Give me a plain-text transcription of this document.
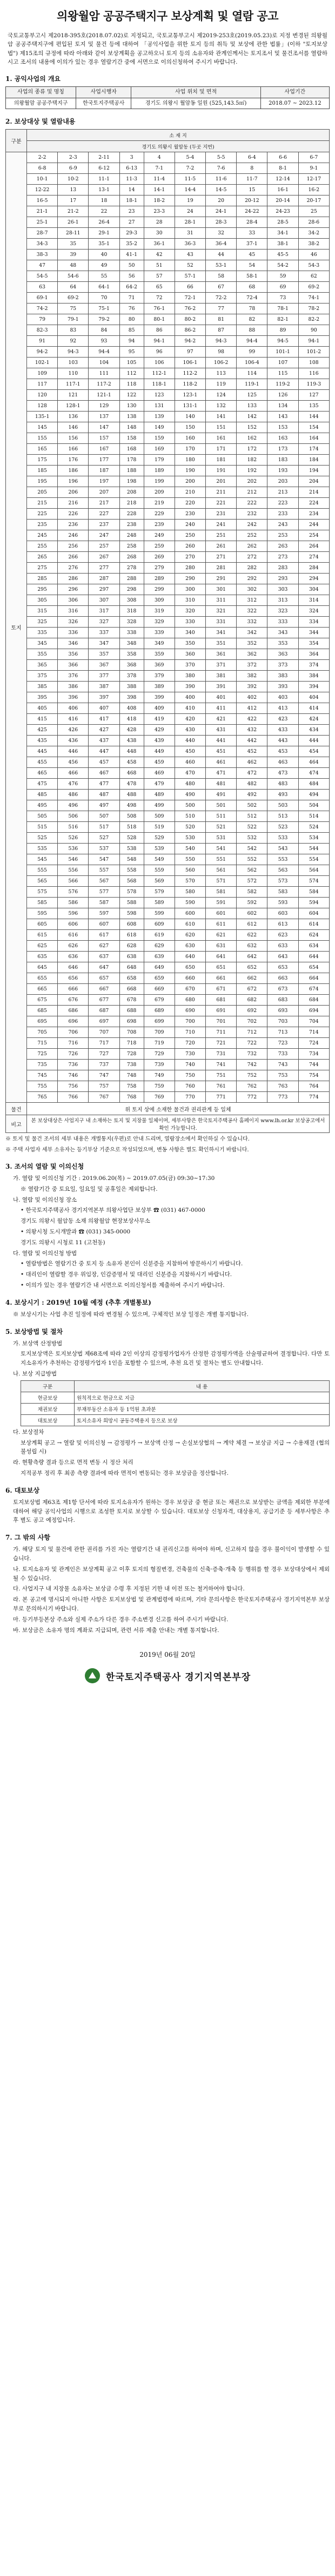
의왕월암 공공주택지구 보상계획 및 열람 공고

국토교통부고시 제2018-395호(2018.07.02)로 지정되고, 국토교통부고시 제2019-253호(2019.05.23)로 지정 변경된 의왕월암 공공주택지구에 편입된 토지 및 물건 등에 대하여 「공익사업을 위한 토지 등의 취득 및 보상에 관한 법률」(이하 "토지보상법") 제15조의 규정에 따라 아래와 같이 보상계획을 공고하오니 토지 등의 소유자와 관계인께서는 토지조서 및 물건조서를 열람하시고 조서의 내용에 이의가 있는 경우 열람기간 중에 서면으로 이의신청하여 주시기 바랍니다.

1. 공익사업의 개요
사업의 종류 및 명칭	사업시행자	사업 위치 및 면적	사업기간
의왕월암 공공주택지구	한국토지주택공사	경기도 의왕시 월암동 일원 (525,143.5㎡)	2018.07 ~ 2023.12
2. 보상대상 및 열람내용
구분	소 재 지									
	경기도 의왕시 월암동 (두곳 지번)									
토지	2-2	2-3	2-11	3	4	5-4	5-5	6-4	6-6	6-7
	6-8	6-9	6-12	6-13	7-1	7-2	7-6	8	8-1	9-1
	10-1	10-2	11-1	11-3	11-4	11-5	11-6	11-7	12-14	12-17
	12-22	13	13-1	14	14-1	14-4	14-5	15	16-1	16-2
	16-5	17	18	18-1	18-2	19	20	20-12	20-14	20-17
	21-1	21-2	22	23	23-3	24	24-1	24-22	24-23	25
	25-1	26-1	26-4	27	28	28-1	28-3	28-4	28-5	28-6
	28-7	28-11	29-1	29-3	30	31	32	33	34-1	34-2
	34-3	35	35-1	35-2	36-1	36-3	36-4	37-1	38-1	38-2
	38-3	39	40	41-1	42	43	44	45	45-5	46
	47	48	49	50	51	52	53-1	54	54-2	54-3
	54-5	54-6	55	56	57	57-1	58	58-1	59	62
	63	64	64-1	64-2	65	66	67	68	69	69-2
	69-1	69-2	70	71	72	72-1	72-2	72-4	73	74-1
	74-2	75	75-1	76	76-1	76-2	77	78	78-1	78-2
	79	79-1	79-2	80	80-1	80-2	81	82	82-1	82-2
	82-3	83	84	85	86	86-2	87	88	89	90
	91	92	93	94	94-1	94-2	94-3	94-4	94-5	94-1
	94-2	94-3	94-4	95	96	97	98	99	101-1	101-2
	102-1	103	104	105	106	106-1	106-2	106-4	107	108
	109	110	111	112	112-1	112-2	113	114	115	116
	117	117-1	117-2	118	118-1	118-2	119	119-1	119-2	119-3
	120	121	121-1	122	123	123-1	124	125	126	127
	128	128-1	129	130	131	131-1	132	133	134	135
	135-1	136	137	138	139	140	141	142	143	144
	145	146	147	148	149	150	151	152	153	154
	155	156	157	158	159	160	161	162	163	164
	165	166	167	168	169	170	171	172	173	174
	175	176	177	178	179	180	181	182	183	184
	185	186	187	188	189	190	191	192	193	194
	195	196	197	198	199	200	201	202	203	204
	205	206	207	208	209	210	211	212	213	214
	215	216	217	218	219	220	221	222	223	224
	225	226	227	228	229	230	231	232	233	234
	235	236	237	238	239	240	241	242	243	244
	245	246	247	248	249	250	251	252	253	254
	255	256	257	258	259	260	261	262	263	264
	265	266	267	268	269	270	271	272	273	274
	275	276	277	278	279	280	281	282	283	284
	285	286	287	288	289	290	291	292	293	294
	295	296	297	298	299	300	301	302	303	304
	305	306	307	308	309	310	311	312	313	314
	315	316	317	318	319	320	321	322	323	324
	325	326	327	328	329	330	331	332	333	334
	335	336	337	338	339	340	341	342	343	344
	345	346	347	348	349	350	351	352	353	354
	355	356	357	358	359	360	361	362	363	364
	365	366	367	368	369	370	371	372	373	374
	375	376	377	378	379	380	381	382	383	384
	385	386	387	388	389	390	391	392	393	394
	395	396	397	398	399	400	401	402	403	404
	405	406	407	408	409	410	411	412	413	414
	415	416	417	418	419	420	421	422	423	424
	425	426	427	428	429	430	431	432	433	434
	435	436	437	438	439	440	441	442	443	444
	445	446	447	448	449	450	451	452	453	454
	455	456	457	458	459	460	461	462	463	464
	465	466	467	468	469	470	471	472	473	474
	475	476	477	478	479	480	481	482	483	484
	485	486	487	488	489	490	491	492	493	494
	495	496	497	498	499	500	501	502	503	504
	505	506	507	508	509	510	511	512	513	514
	515	516	517	518	519	520	521	522	523	524
	525	526	527	528	529	530	531	532	533	534
	535	536	537	538	539	540	541	542	543	544
	545	546	547	548	549	550	551	552	553	554
	555	556	557	558	559	560	561	562	563	564
	565	566	567	568	569	570	571	572	573	574
	575	576	577	578	579	580	581	582	583	584
	585	586	587	588	589	590	591	592	593	594
	595	596	597	598	599	600	601	602	603	604
	605	606	607	608	609	610	611	612	613	614
	615	616	617	618	619	620	621	622	623	624
	625	626	627	628	629	630	631	632	633	634
	635	636	637	638	639	640	641	642	643	644
	645	646	647	648	649	650	651	652	653	654
	655	656	657	658	659	660	661	662	663	664
	665	666	667	668	669	670	671	672	673	674
	675	676	677	678	679	680	681	682	683	684
	685	686	687	688	689	690	691	692	693	694
	695	696	697	698	699	700	701	702	703	704
	705	706	707	708	709	710	711	712	713	714
	715	716	717	718	719	720	721	722	723	724
	725	726	727	728	729	730	731	732	733	734
	735	736	737	738	739	740	741	742	743	744
	745	746	747	748	749	750	751	752	753	754
	755	756	757	758	759	760	761	762	763	764
	765	766	767	768	769	770	771	772	773	774
물건	위 토지 상에 소재한 물건과 권리관계 등 일체									
비고	본 보상대상은 사업지구 내 소재하는 토지 및 지장물 일체이며, 세부사항은 한국토지주택공사 홈페이지 www.lh.or.kr 보상공고에서 확인 가능합니다.									

※ 토지 및 물건 조서의 세부 내용은 개별통지(우편)로 안내 드리며, 열람장소에서 확인하실 수 있습니다.

※ 주택 사업자 세부 소유자는 등기부상 기준으로 작성되었으며, 변동 사항은 별도 확인하시기 바랍니다.

3. 조서의 열람 및 이의신청

가. 열람 및 이의신청 기간 : 2019.06.20(목) ~ 2019.07.05(금) 09:30~17:30

※ 열람기간 중 토요일, 일요일 및 공휴일은 제외합니다.

나. 열람 및 이의신청 장소

• 한국토지주택공사 경기지역본부 의왕사업단 보상부 ☎ (031) 467-0000

경기도 의왕시 월암동 소재 의왕월암 현장보상사무소

• 의왕시청 도시개발과 ☎ (031) 345-0000

경기도 의왕시 시청로 11 (고천동)

다. 열람 및 이의신청 방법

• 열람방법은 열람기간 중 토지 등 소유자 본인이 신분증을 지참하여 방문하시기 바랍니다.

• 대리인이 열람할 경우 위임장, 인감증명서 및 대리인 신분증을 지참하시기 바랍니다.

• 이의가 있는 경우 열람기간 내 서면으로 이의신청서를 제출하여 주시기 바랍니다.

4. 보상시기 : 2019년 10월 예정 (추후 개별통보)

※ 보상시기는 사업 추진 일정에 따라 변경될 수 있으며, 구체적인 보상 일정은 개별 통지합니다.

5. 보상방법 및 절차

가. 보상액 산정방법

토지보상액은 토지보상법 제68조에 따라 2인 이상의 감정평가업자가 산정한 감정평가액을 산술평균하여 결정합니다. 다만 토지소유자가 추천하는 감정평가업자 1인을 포함할 수 있으며, 추천 요건 및 절차는 별도 안내합니다.

나. 보상 지급방법

구분	내 용
현금보상	원칙적으로 현금으로 지급
채권보상	부재부동산 소유자 등 1억원 초과분
대토보상	토지소유자 희망시 공동주택용지 등으로 보상

다. 보상절차

보상계획 공고 → 열람 및 이의신청 → 감정평가 → 보상액 산정 → 손실보상협의 → 계약 체결 → 보상금 지급 → 수용재결 (협의 불성립 시)

라. 현황측량 결과 등으로 면적 변동 시 정산 처리

지적공부 정리 후 최종 측량 결과에 따라 면적이 변동되는 경우 보상금을 정산합니다.

6. 대토보상

토지보상법 제63조 제1항 단서에 따라 토지소유자가 원하는 경우 보상금 중 현금 또는 채권으로 보상받는 금액을 제외한 부분에 대하여 해당 공익사업의 시행으로 조성한 토지로 보상할 수 있습니다. 대토보상 신청자격, 대상용지, 공급기준 등 세부사항은 추후 별도 공고 예정입니다.

7. 그 밖의 사항

가. 해당 토지 및 물건에 관한 권리를 가진 자는 열람기간 내 권리신고를 하여야 하며, 신고하지 않을 경우 불이익이 발생할 수 있습니다.

나. 토지소유자 및 관계인은 보상계획 공고 이후 토지의 형질변경, 건축물의 신축·증축·개축 등 행위를 할 경우 보상대상에서 제외될 수 있습니다.

다. 사업지구 내 지장물 소유자는 보상금 수령 후 지정된 기한 내 이전 또는 철거하여야 합니다.

라. 본 공고에 명시되지 아니한 사항은 토지보상법 및 관계법령에 따르며, 기타 문의사항은 한국토지주택공사 경기지역본부 보상부로 문의하시기 바랍니다.

마. 등기부등본상 주소와 실제 주소가 다른 경우 주소변경 신고를 하여 주시기 바랍니다.

바. 보상금은 소유자 명의 계좌로 지급되며, 관련 서류 제출 안내는 개별 통지합니다.

2019년 06월 20일
한국토지주택공사 경기지역본부장
